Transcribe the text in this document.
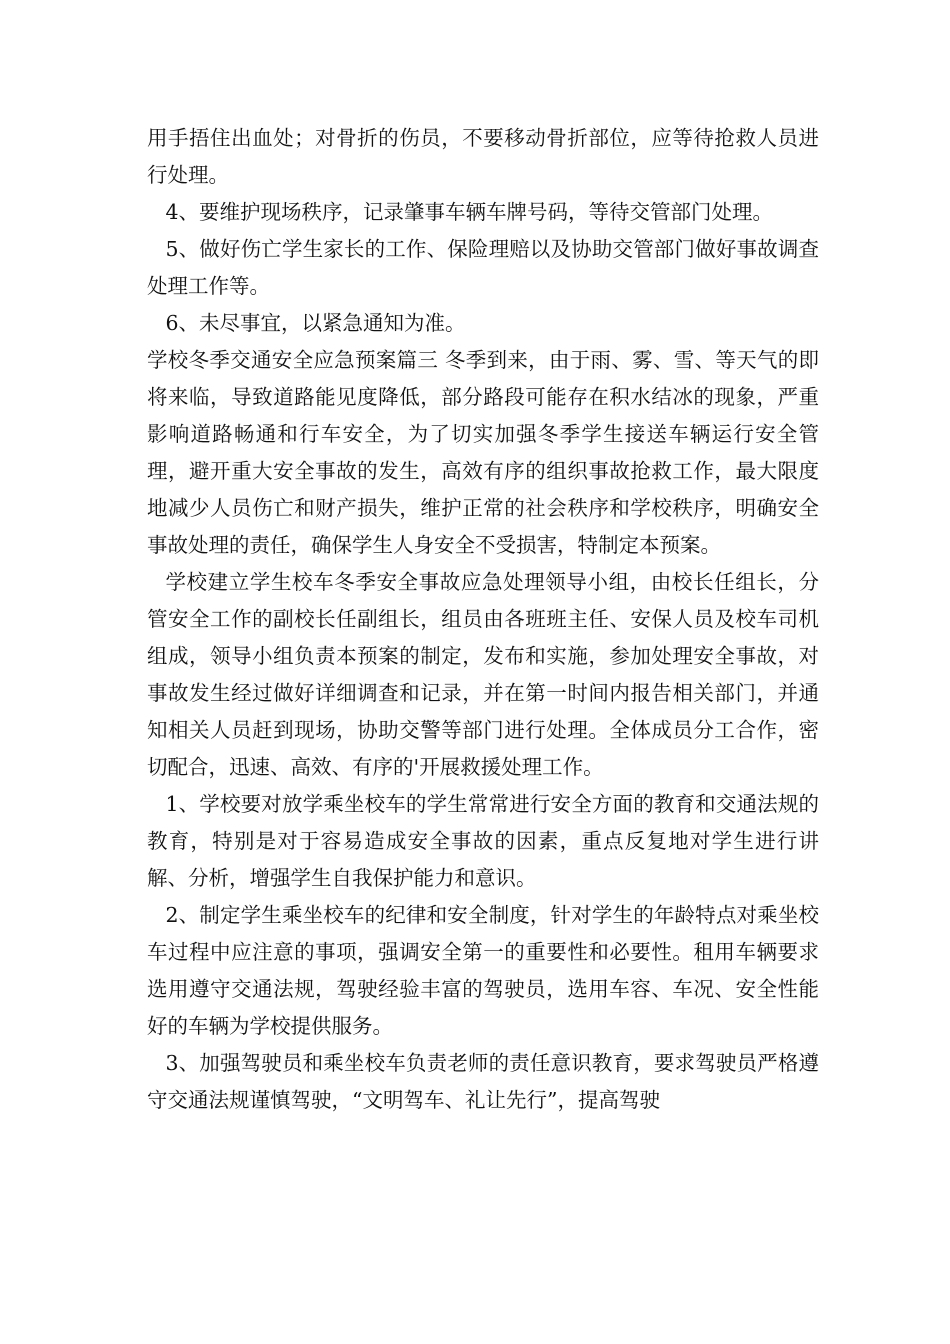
用手捂住出血处；对骨折的伤员，不要移动骨折部位，应等待抢救人员进行处理。

4、要维护现场秩序，记录肇事车辆车牌号码，等待交管部门处理。

5、做好伤亡学生家长的工作、保险理赔以及协助交管部门做好事故调查处理工作等。

6、未尽事宜，以紧急通知为准。

学校冬季交通安全应急预案篇三 冬季到来，由于雨、雾、雪、等天气的即将来临，导致道路能见度降低，部分路段可能存在积水结冰的现象，严重影响道路畅通和行车安全，为了切实加强冬季学生接送车辆运行安全管理，避开重大安全事故的发生，高效有序的组织事故抢救工作，最大限度地减少人员伤亡和财产损失，维护正常的社会秩序和学校秩序，明确安全事故处理的责任，确保学生人身安全不受损害，特制定本预案。

学校建立学生校车冬季安全事故应急处理领导小组，由校长任组长，分管安全工作的副校长任副组长，组员由各班班主任、安保人员及校车司机组成，领导小组负责本预案的制定，发布和实施，参加处理安全事故，对事故发生经过做好详细调查和记录，并在第一时间内报告相关部门，并通知相关人员赶到现场，协助交警等部门进行处理。全体成员分工合作，密切配合，迅速、高效、有序的'开展救援处理工作。

1、学校要对放学乘坐校车的学生常常进行安全方面的教育和交通法规的教育，特别是对于容易造成安全事故的因素，重点反复地对学生进行讲解、分析，增强学生自我保护能力和意识。

2、制定学生乘坐校车的纪律和安全制度，针对学生的年龄特点对乘坐校车过程中应注意的事项，强调安全第一的重要性和必要性。租用车辆要求选用遵守交通法规，驾驶经验丰富的驾驶员，选用车容、车况、安全性能好的车辆为学校提供服务。

3、加强驾驶员和乘坐校车负责老师的责任意识教育，要求驾驶员严格遵守交通法规谨慎驾驶，“文明驾车、礼让先行”，提高驾驶
